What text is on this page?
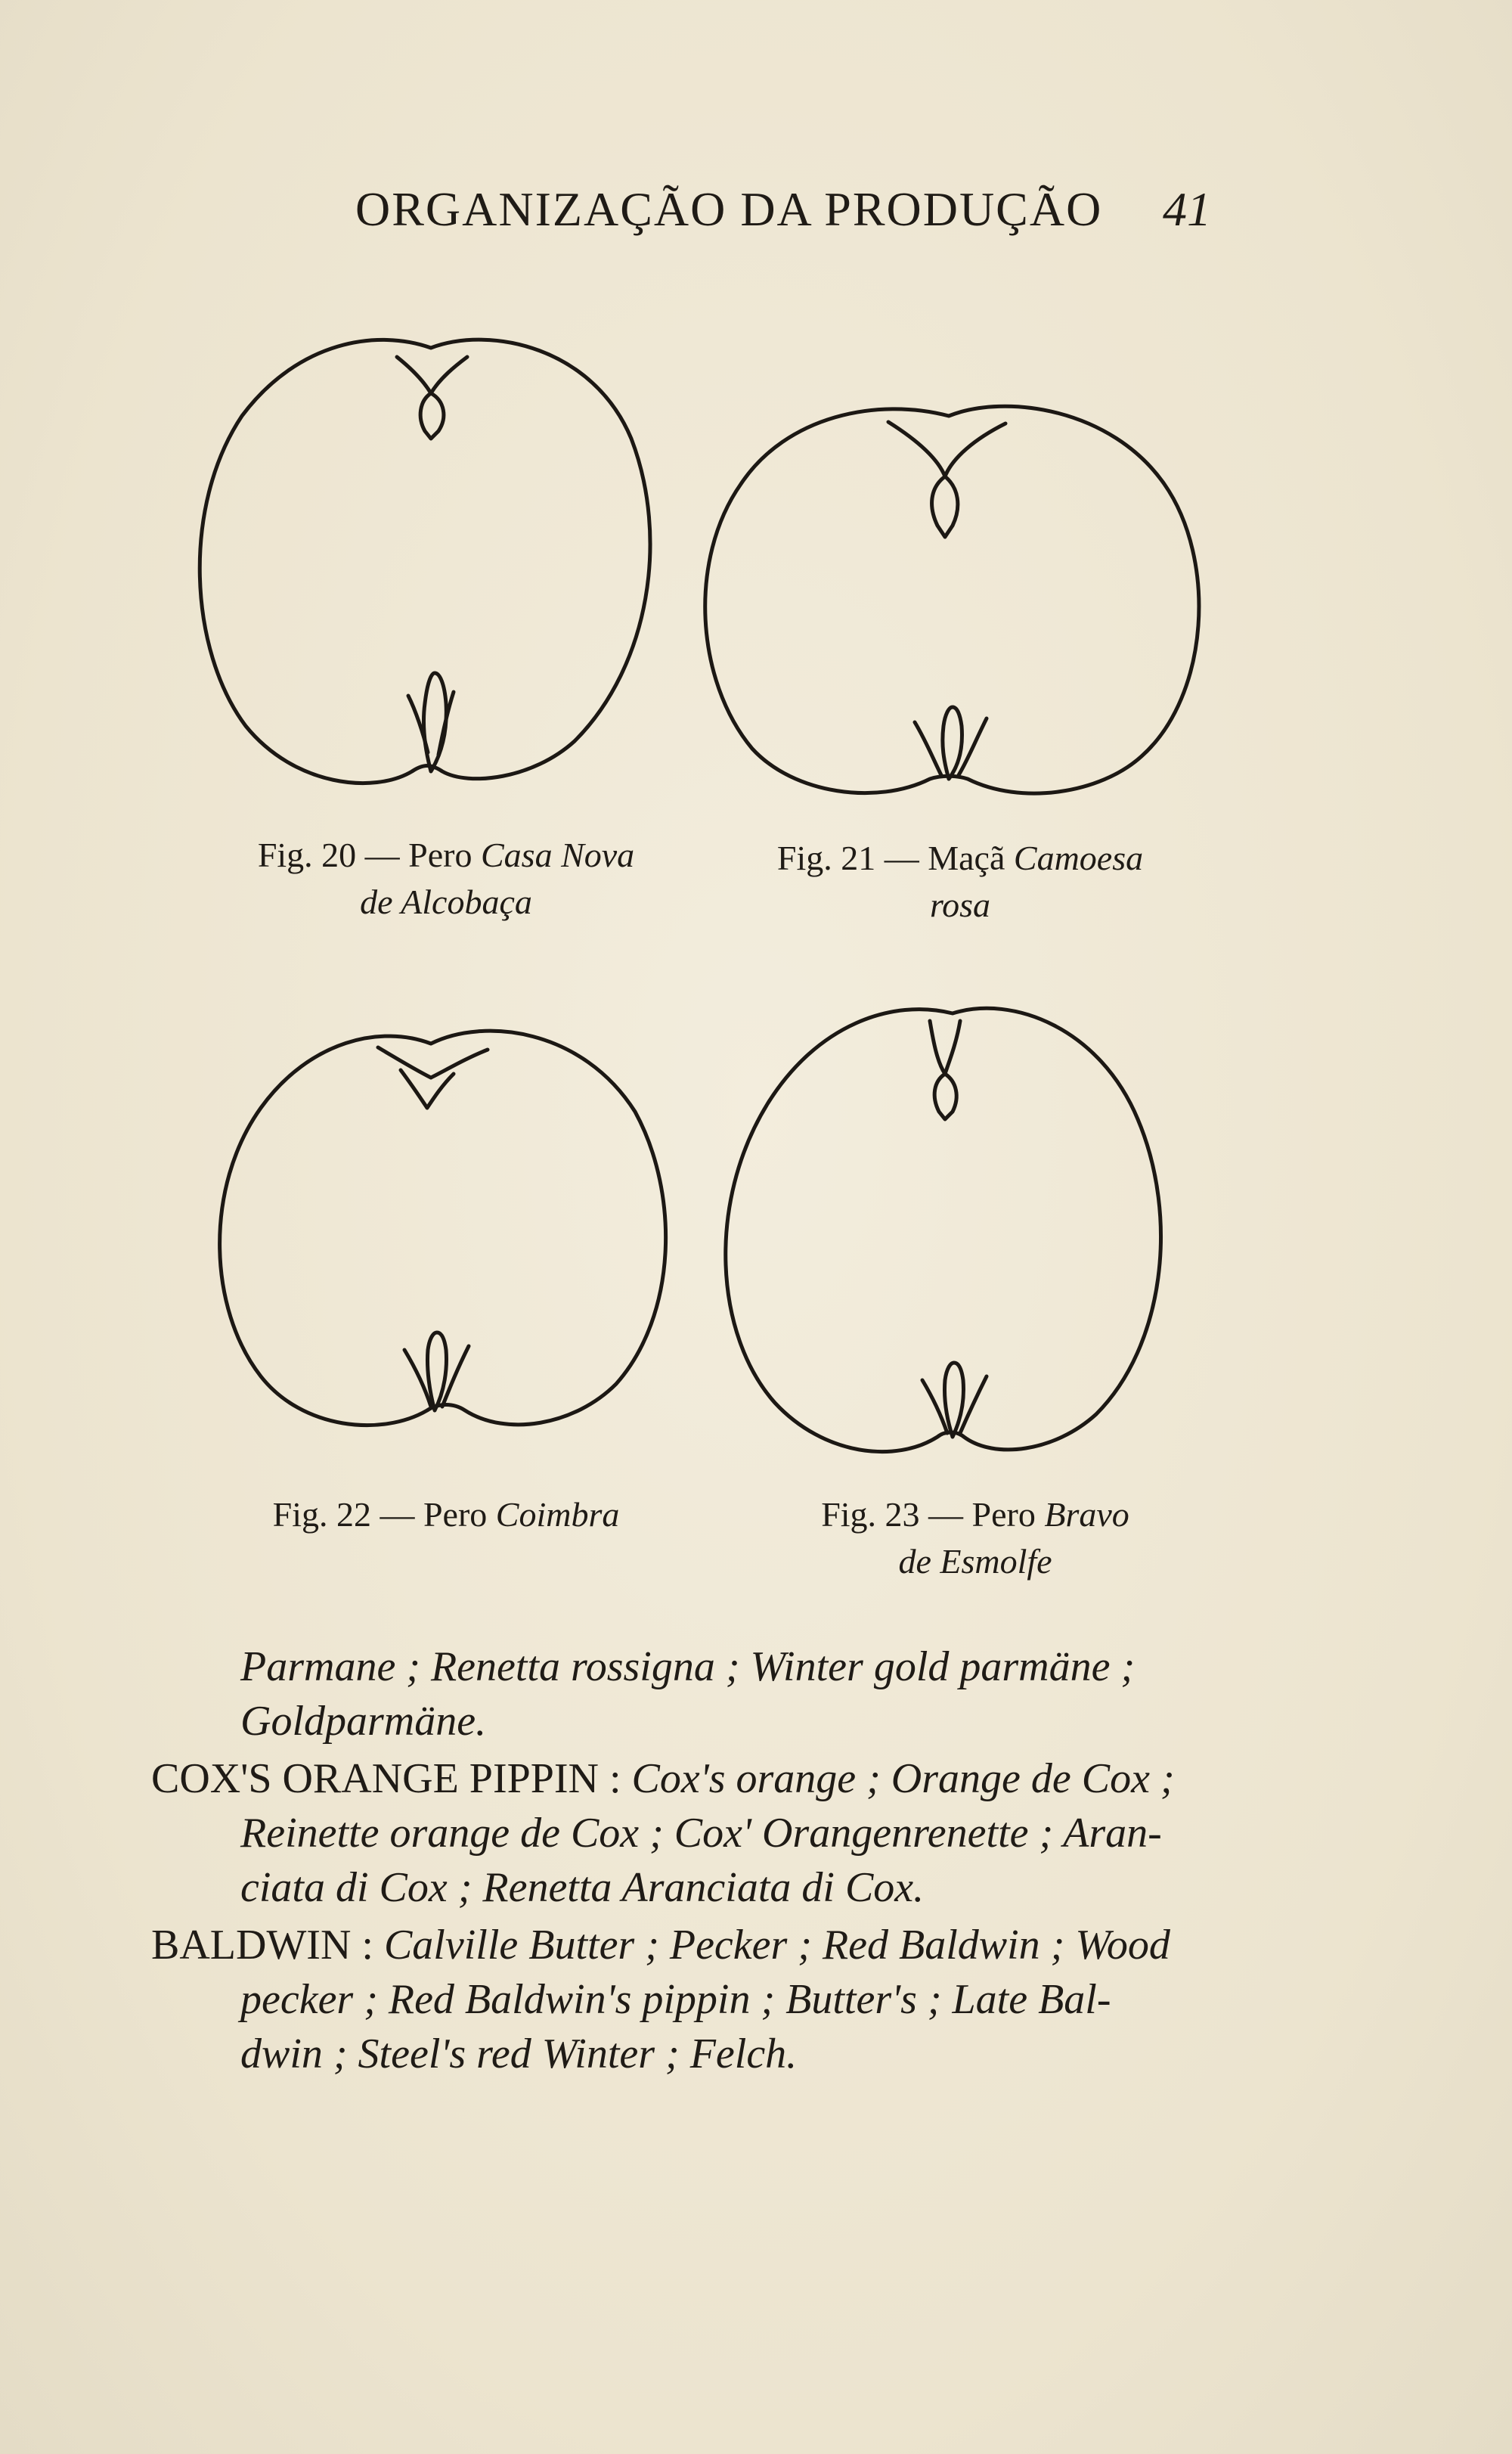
ORGANIZAÇÃO DA PRODUÇÃO 41
Fig. 20 — Pero Casa Nova
de Alcobaça
Fig. 21 — Maçã Camoesa
rosa
Fig. 22 — Pero Coimbra	Fig. 23 — Pero Bravo
de Esmolfe
Parmane ; Renetta rossigna ; Winter gold parmäne ;
Goldparmäne.
COX'S ORANGE PIPPIN : Cox's orange ; Orange de Cox ;
Reinette orange de Cox ; Cox' Orangenrenette ; Aran-
ciata di Cox ; Renetta Aranciata di Cox.
BALDWIN : Calville Butter ; Pecker ; Red Baldwin ; Wood
pecker ; Red Baldwin's pippin ; Butter's ; Late Bal-
dwin ; Steel's red Winter ; Felch.
